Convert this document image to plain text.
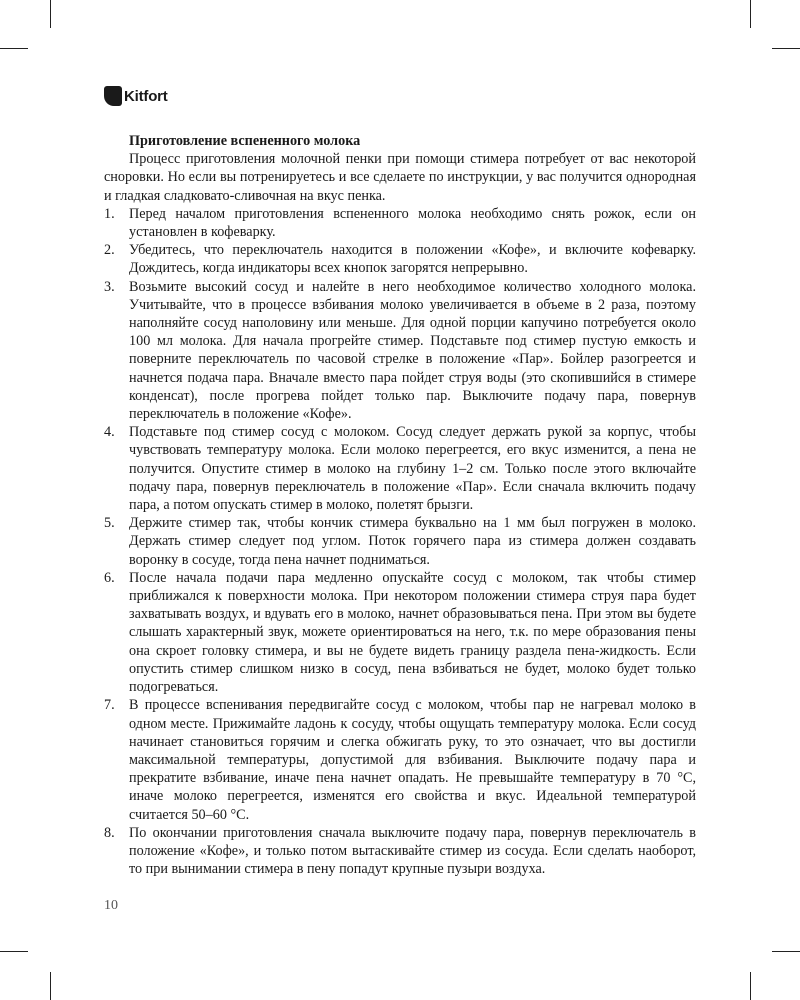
Kitfort

Приготовление вспененного молока

Процесс приготовления молочной пенки при помощи стимера потребует от вас некоторой сноровки. Но если вы потренируетесь и все сделаете по инструкции, у вас получится однородная и гладкая сладковато-сливочная на вкус пенка.

1. Перед началом приготовления вспененного молока необходимо снять рожок, если он установлен в кофеварку.
2. Убедитесь, что переключатель находится в положении «Кофе», и включите кофеварку. Дождитесь, когда индикаторы всех кнопок загорятся непрерывно.
3. Возьмите высокий сосуд и налейте в него необходимое количество холодного молока. Учитывайте, что в процессе взбивания молоко увеличивается в объеме в 2 раза, поэтому наполняйте сосуд наполовину или меньше. Для одной порции капучино потребуется около 100 мл молока. Для начала прогрейте стимер. Подставьте под стимер пустую емкость и поверните переключатель по часовой стрелке в положение «Пар». Бойлер разогреется и начнется подача пара. Вначале вместо пара пойдет струя воды (это скопившийся в стимере конденсат), после прогрева пойдет только пар. Выключите подачу пара, повернув переключатель в положение «Кофе».
4. Подставьте под стимер сосуд с молоком. Сосуд следует держать рукой за корпус, чтобы чувствовать температуру молока. Если молоко перегреется, его вкус изменится, а пена не получится. Опустите стимер в молоко на глубину 1–2 см. Только после этого включайте подачу пара, повернув переключатель в положение «Пар». Если сначала включить подачу пара, а потом опускать стимер в молоко, полетят брызги.
5. Держите стимер так, чтобы кончик стимера буквально на 1 мм был погружен в молоко. Держать стимер следует под углом. Поток горячего пара из стимера должен создавать воронку в сосуде, тогда пена начнет подниматься.
6. После начала подачи пара медленно опускайте сосуд с молоком, так чтобы стимер приближался к поверхности молока. При некотором положении стимера струя пара будет захватывать воздух, и вдувать его в молоко, начнет образовываться пена. При этом вы будете слышать характерный звук, можете ориентироваться на него, т.к. по мере образования пены она скроет головку стимера, и вы не будете видеть границу раздела пена-жидкость. Если опустить стимер слишком низко в сосуд, пена взбиваться не будет, молоко будет только подогреваться.
7. В процессе вспенивания передвигайте сосуд с молоком, чтобы пар не нагревал молоко в одном месте. Прижимайте ладонь к сосуду, чтобы ощущать температуру молока. Если сосуд начинает становиться горячим и слегка обжигать руку, то это означает, что вы достигли максимальной температуры, допустимой для взбивания. Выключите подачу пара и прекратите взбивание, иначе пена начнет опадать. Не превышайте температуру в 70 °C, иначе молоко перегреется, изменятся его свойства и вкус. Идеальной температурой считается 50–60 °C.
8. По окончании приготовления сначала выключите подачу пара, повернув переключатель в положение «Кофе», и только потом вытаскивайте стимер из сосуда. Если сделать наоборот, то при вынимании стимера в пену попадут крупные пузыри воздуха.
10
